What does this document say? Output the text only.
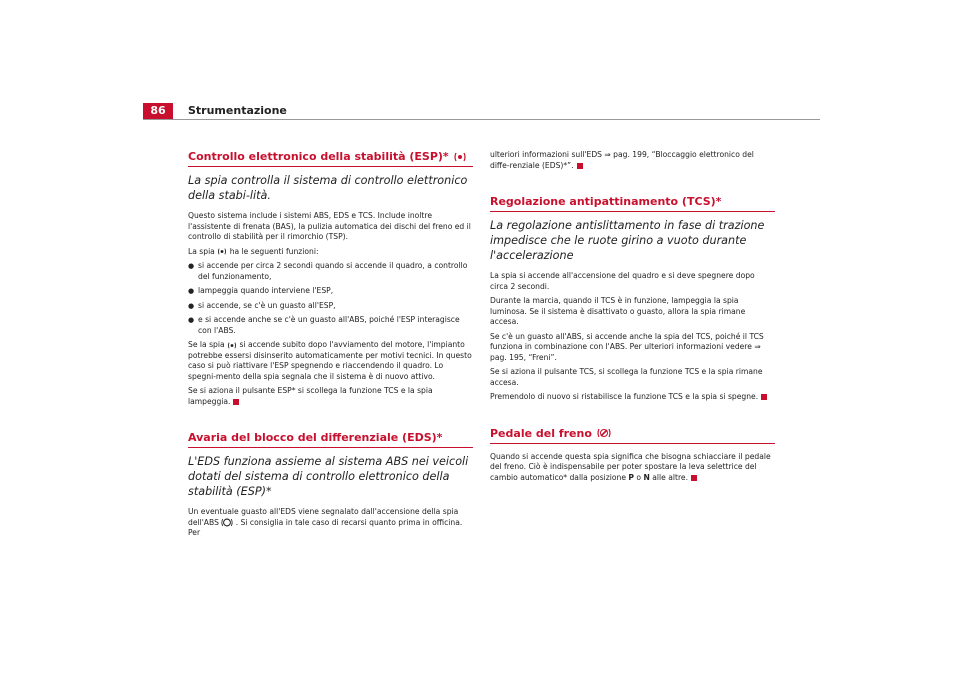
86	Strumentazione
Controllo elettronico della stabilità (ESP)*
La spia controlla il sistema di controllo elettronico della stabi-lità.

Questo sistema include i sistemi ABS, EDS e TCS. Include inoltre l'assistente di frenata (BAS), la pulizia automatica dei dischi del freno ed il controllo di stabilità per il rimorchio (TSP).

La spia ha le seguenti funzioni:

● si accende per circa 2 secondi quando si accende il quadro, a controllo del funzionamento,

● lampeggia quando interviene l'ESP,

● si accende, se c'è un guasto all'ESP,

● e si accende anche se c'è un guasto all'ABS, poiché l'ESP interagisce con l'ABS.

Se la spia si accende subito dopo l'avviamento del motore, l'impianto potrebbe essersi disinserito automaticamente per motivi tecnici. In questo caso si può riattivare l'ESP spegnendo e riaccendendo il quadro. Lo spegni-mento della spia segnala che il sistema è di nuovo attivo.

Se si aziona il pulsante ESP* si scollega la funzione TCS e la spia lampeggia.

Avaria del blocco del differenziale (EDS)*
L'EDS funziona assieme al sistema ABS nei veicoli dotati del sistema di controllo elettronico della stabilità (ESP)*

Un eventuale guasto all'EDS viene segnalato dall'accensione della spia dell'ABS . Si consiglia in tale caso di recarsi quanto prima in officina. Per

ulteriori informazioni sull'EDS ⇒ pag. 199, “Bloccaggio elettronico del diffe-renziale (EDS)*”.

Regolazione antipattinamento (TCS)*
La regolazione antislittamento in fase di trazione impedisce che le ruote girino a vuoto durante l'accelerazione

La spia si accende all'accensione del quadro e si deve spegnere dopo circa 2 secondi.

Durante la marcia, quando il TCS è in funzione, lampeggia la spia luminosa. Se il sistema è disattivato o guasto, allora la spia rimane accesa.

Se c'è un guasto all'ABS, si accende anche la spia del TCS, poiché il TCS funziona in combinazione con l'ABS. Per ulteriori informazioni vedere ⇒ pag. 195, “Freni”.

Se si aziona il pulsante TCS, si scollega la funzione TCS e la spia rimane accesa.

Premendolo di nuovo si ristabilisce la funzione TCS e la spia si spegne.

Pedale del freno

Quando si accende questa spia significa che bisogna schiacciare il pedale del freno. Ciò è indispensabile per poter spostare la leva selettrice del cambio automatico* dalla posizione P o N alle altre.
